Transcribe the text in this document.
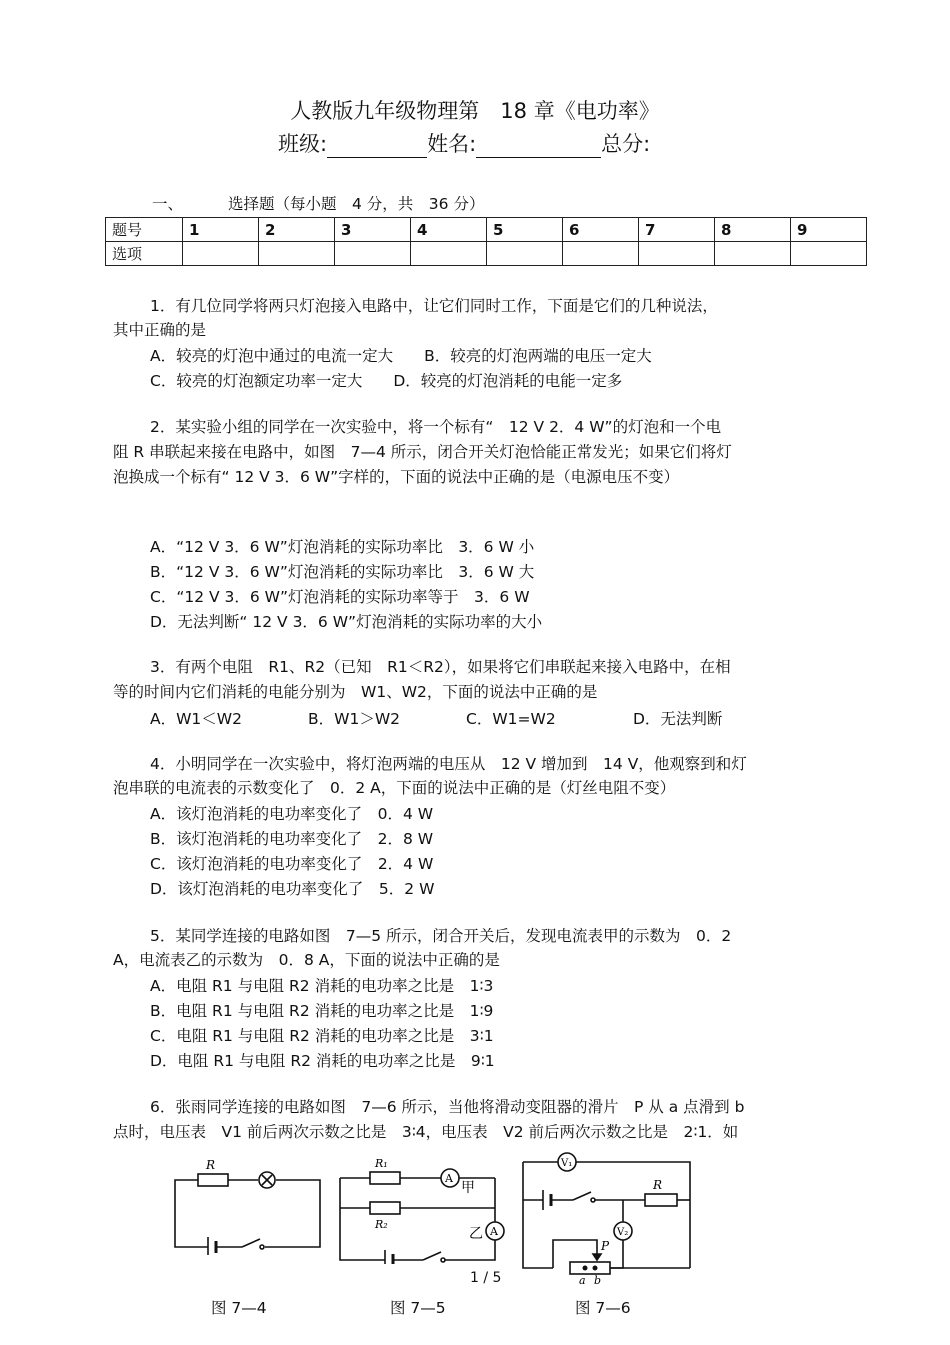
人教版九年级物理第　18 章《电功率》
班级:	姓名:	总分:
一、	选择题（每小题　4 分，共　36 分）
题号	1	2	3	4	5	6	7	8	9
选项									
1．有几位同学将两只灯泡接入电路中，让它们同时工作，下面是它们的几种说法，
其中正确的是
A．较亮的灯泡中通过的电流一定大　　B．较亮的灯泡两端的电压一定大
C．较亮的灯泡额定功率一定大　　D．较亮的灯泡消耗的电能一定多
2．某实验小组的同学在一次实验中，将一个标有“　12 V 2．4 W”的灯泡和一个电
阻 R 串联起来接在电路中，如图　7—4 所示，闭合开关灯泡恰能正常发光；如果它们将灯
泡换成一个标有“ 12 V 3．6 W”字样的，下面的说法中正确的是（电源电压不变）
A．“12 V 3．6 W”灯泡消耗的实际功率比　3．6 W 小
B．“12 V 3．6 W”灯泡消耗的实际功率比　3．6 W 大
C．“12 V 3．6 W”灯泡消耗的实际功率等于　3．6 W
D．无法判断“ 12 V 3．6 W”灯泡消耗的实际功率的大小
3．有两个电阻　R1、R2（已知　R1＜R2），如果将它们串联起来接入电路中，在相
等的时间内它们消耗的电能分别为　W1、W2，下面的说法中正确的是
A．W1＜W2	B．W1＞W2	C．W1=W2	D．无法判断
4．小明同学在一次实验中，将灯泡两端的电压从　12 V 增加到　14 V，他观察到和灯
泡串联的电流表的示数变化了　0．2 A，下面的说法中正确的是（灯丝电阻不变）
A．该灯泡消耗的电功率变化了　0．4 W
B．该灯泡消耗的电功率变化了　2．8 W
C．该灯泡消耗的电功率变化了　2．4 W
D．该灯泡消耗的电功率变化了　5．2 W
5．某同学连接的电路如图　7—5 所示，闭合开关后，发现电流表甲的示数为　0．2
A，电流表乙的示数为　0．8 A，下面的说法中正确的是
A．电阻 R1 与电阻 R2 消耗的电功率之比是　1∶3
B．电阻 R1 与电阻 R2 消耗的电功率之比是　1∶9
C．电阻 R1 与电阻 R2 消耗的电功率之比是　3∶1
D．电阻 R1 与电阻 R2 消耗的电功率之比是　9∶1
6．张雨同学连接的电路如图　7—6 所示，当他将滑动变阻器的滑片　P 从 a 点滑到 b
点时，电压表　V1 前后两次示数之比是　3∶4，电压表　V2 前后两次示数之比是　2∶1．如
R
图 7—4
R₁
R₂
A
A
甲
乙
图 7—5
V₁
V₂
R
P
a b
图 7—6
1 / 5
